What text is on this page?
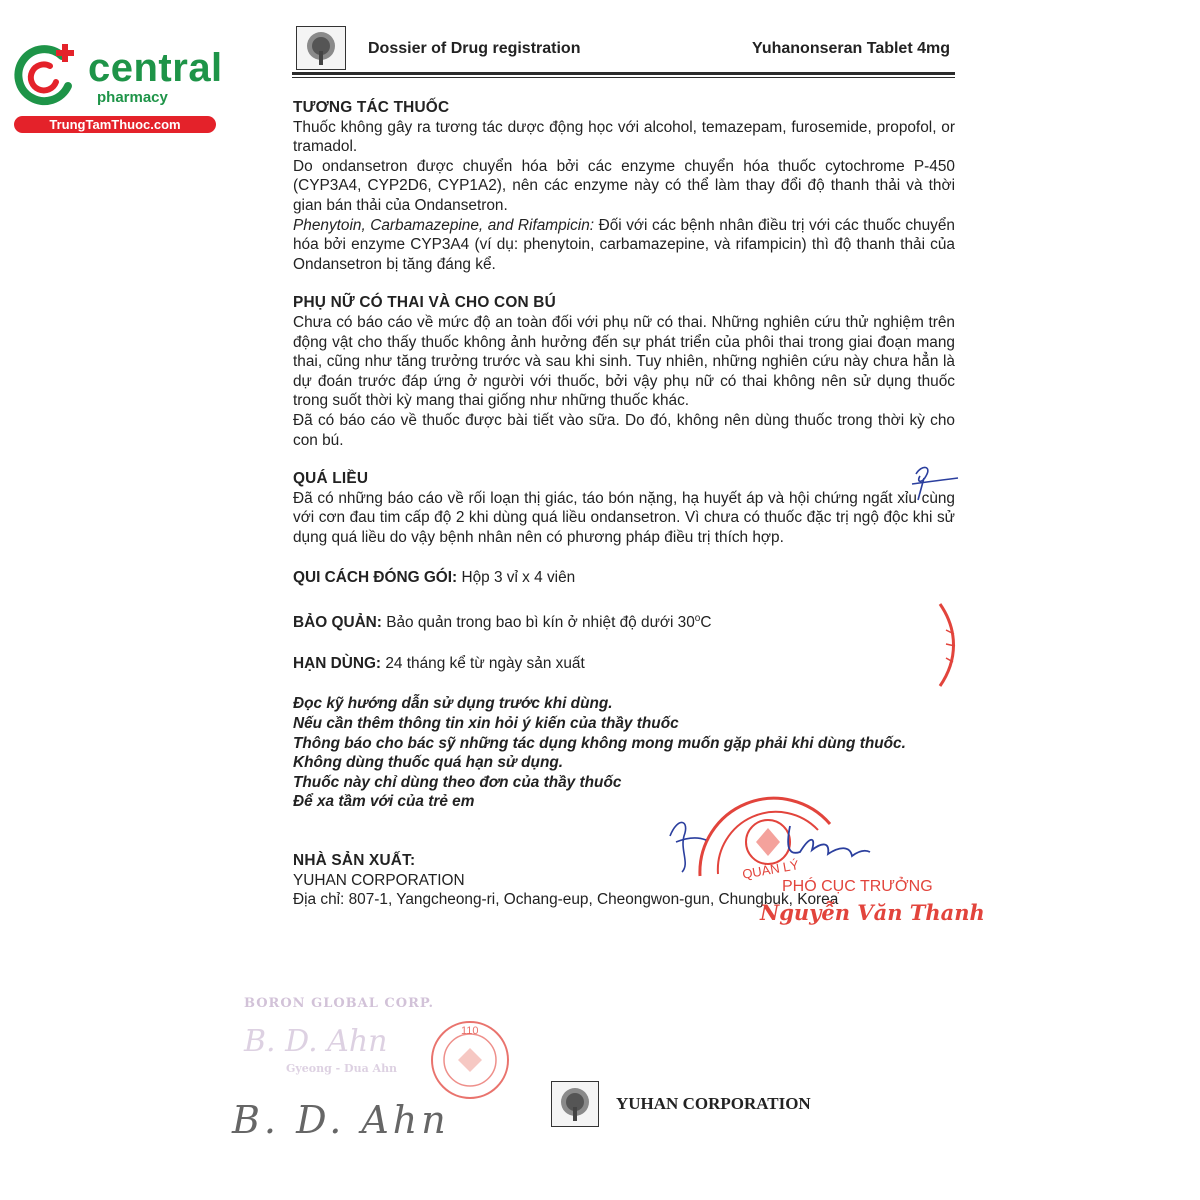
central
pharmacy
TrungTamThuoc.com
Dossier of Drug registration	Yuhanonseran Tablet 4mg
TƯƠNG TÁC THUỐC

Thuốc không gây ra tương tác dược động học với alcohol, temazepam, furosemide, propofol, or tramadol.

Do ondansetron được chuyển hóa bởi các enzyme chuyển hóa thuốc cytochrome P-450 (CYP3A4, CYP2D6, CYP1A2), nên các enzyme này có thể làm thay đổi độ thanh thải và thời gian bán thải của Ondansetron.

Phenytoin, Carbamazepine, and Rifampicin: Đối với các bệnh nhân điều trị với các thuốc chuyển hóa bởi enzyme CYP3A4 (ví dụ: phenytoin, carbamazepine, và rifampicin) thì độ thanh thải của Ondansetron bị tăng đáng kể.

PHỤ NỮ CÓ THAI VÀ CHO CON BÚ

Chưa có báo cáo về mức độ an toàn đối với phụ nữ có thai. Những nghiên cứu thử nghiệm trên động vật cho thấy thuốc không ảnh hưởng đến sự phát triển của phôi thai trong giai đoạn mang thai, cũng như tăng trưởng trước và sau khi sinh. Tuy nhiên, những nghiên cứu này chưa hẳn là dự đoán trước đáp ứng ở người với thuốc, bởi vậy phụ nữ có thai không nên sử dụng thuốc trong suốt thời kỳ mang thai giống như những thuốc khác.

Đã có báo cáo về thuốc được bài tiết vào sữa. Do đó, không nên dùng thuốc trong thời kỳ cho con bú.

QUÁ LIỀU

Đã có những báo cáo về rối loạn thị giác, táo bón nặng, hạ huyết áp và hội chứng ngất xỉu cùng với cơn đau tim cấp độ 2 khi dùng quá liều ondansetron. Vì chưa có thuốc đặc trị ngộ độc khi sử dụng quá liều do vậy bệnh nhân nên có phương pháp điều trị thích hợp.

QUI CÁCH ĐÓNG GÓI: Hộp 3 vỉ x 4 viên

BẢO QUẢN: Bảo quản trong bao bì kín ở nhiệt độ dưới 30$^o$C

HẠN DÙNG: 24 tháng kể từ ngày sản xuất

Đọc kỹ hướng dẫn sử dụng trước khi dùng.
Nếu cần thêm thông tin xin hỏi ý kiến của thầy thuốc
Thông báo cho bác sỹ những tác dụng không mong muốn gặp phải khi dùng thuốc.
Không dùng thuốc quá hạn sử dụng.
Thuốc này chỉ dùng theo đơn của thầy thuốc
Để xa tầm với của trẻ em
NHÀ SẢN XUẤT:

YUHAN CORPORATION

Địa chỉ: 807-1, Yangcheong-ri, Ochang-eup, Cheongwon-gun, Chungbuk, Korea

QUẢN LÝ
PHÓ CỤC TRƯỞNG
Nguyễn Văn Thanh
BORON GLOBAL CORP.
B. D. Ahn
Gyeong - Dua Ahn
110
B. D. Ahn	YUHAN CORPORATION
